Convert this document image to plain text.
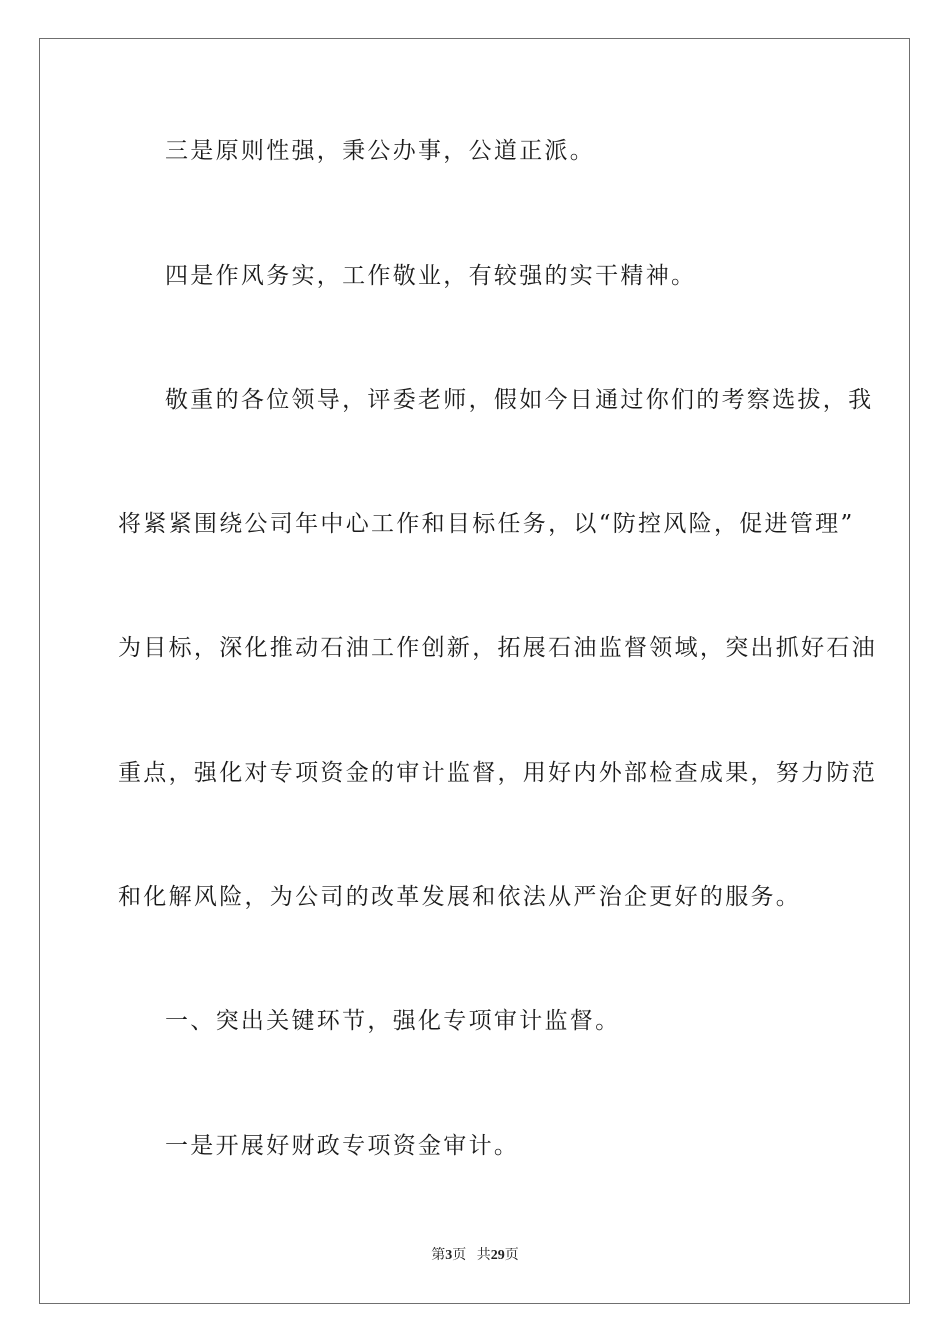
三是原则性强，秉公办事，公道正派。
四是作风务实，工作敬业，有较强的实干精神。
敬重的各位领导，评委老师，假如今日通过你们的考察选拔，我
将紧紧围绕公司年中心工作和目标任务，以“防控风险，促进管理”
为目标，深化推动石油工作创新，拓展石油监督领域，突出抓好石油
重点，强化对专项资金的审计监督，用好内外部检查成果，努力防范
和化解风险，为公司的改革发展和依法从严治企更好的服务。
一、突出关键环节，强化专项审计监督。
一是开展好财政专项资金审计。
第3页 共29页
